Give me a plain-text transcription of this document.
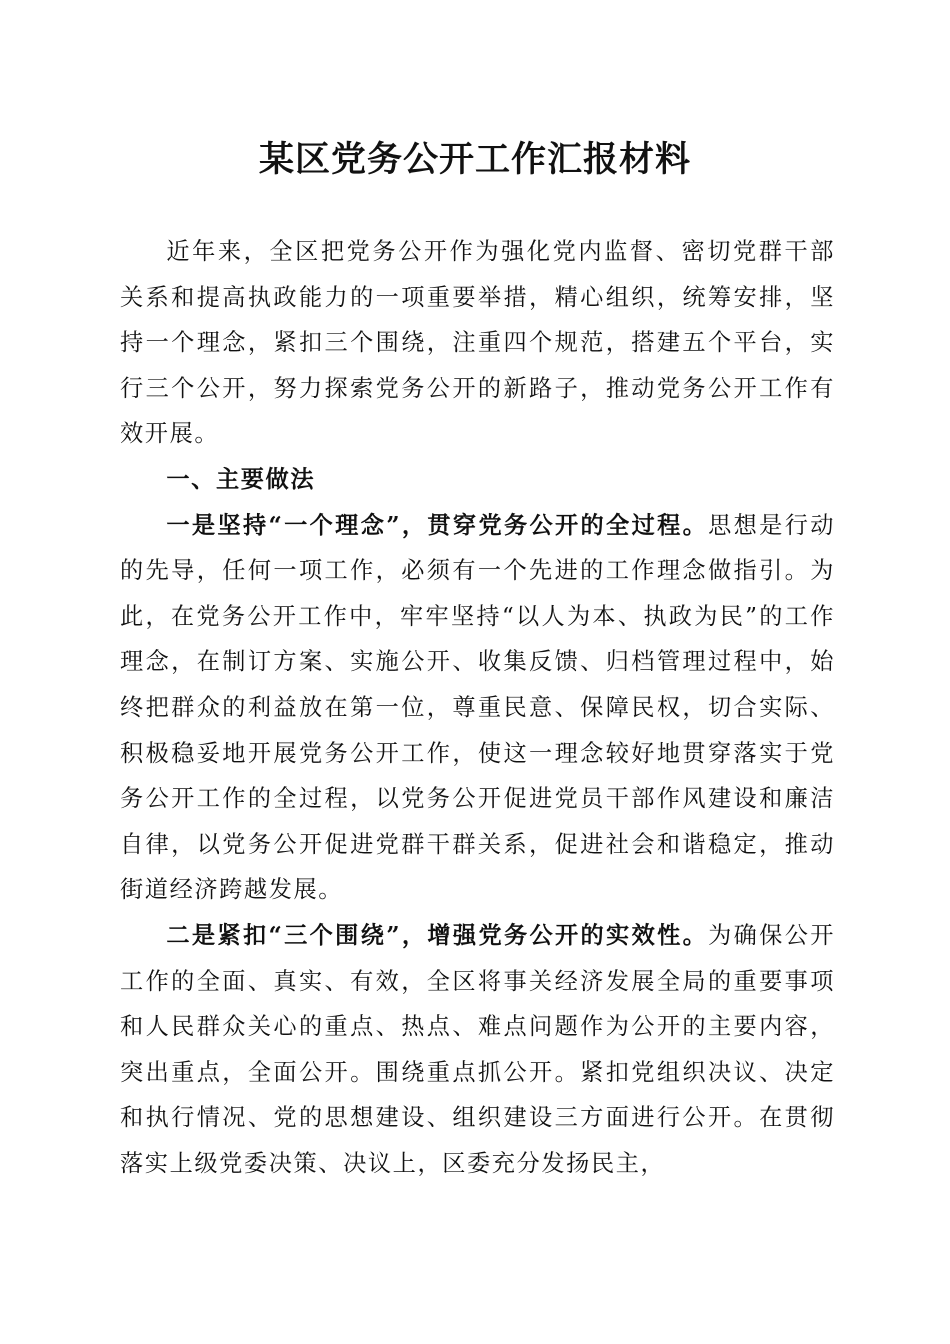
某区党务公开工作汇报材料

近年来，全区把党务公开作为强化党内监督、密切党群干部关系和提高执政能力的一项重要举措，精心组织，统筹安排，坚持一个理念，紧扣三个围绕，注重四个规范，搭建五个平台，实行三个公开，努力探索党务公开的新路子，推动党务公开工作有效开展。

一、主要做法

一是坚持“一个理念”，贯穿党务公开的全过程。思想是行动的先导，任何一项工作，必须有一个先进的工作理念做指引。为此，在党务公开工作中，牢牢坚持“以人为本、执政为民”的工作理念，在制订方案、实施公开、收集反馈、归档管理过程中，始终把群众的利益放在第一位，尊重民意、保障民权，切合实际、积极稳妥地开展党务公开工作，使这一理念较好地贯穿落实于党务公开工作的全过程，以党务公开促进党员干部作风建设和廉洁自律，以党务公开促进党群干群关系，促进社会和谐稳定，推动街道经济跨越发展。

二是紧扣“三个围绕”，增强党务公开的实效性。为确保公开工作的全面、真实、有效，全区将事关经济发展全局的重要事项和人民群众关心的重点、热点、难点问题作为公开的主要内容，突出重点，全面公开。围绕重点抓公开。紧扣党组织决议、决定和执行情况、党的思想建设、组织建设三方面进行公开。在贯彻落实上级党委决策、决议上，区委充分发扬民主，
